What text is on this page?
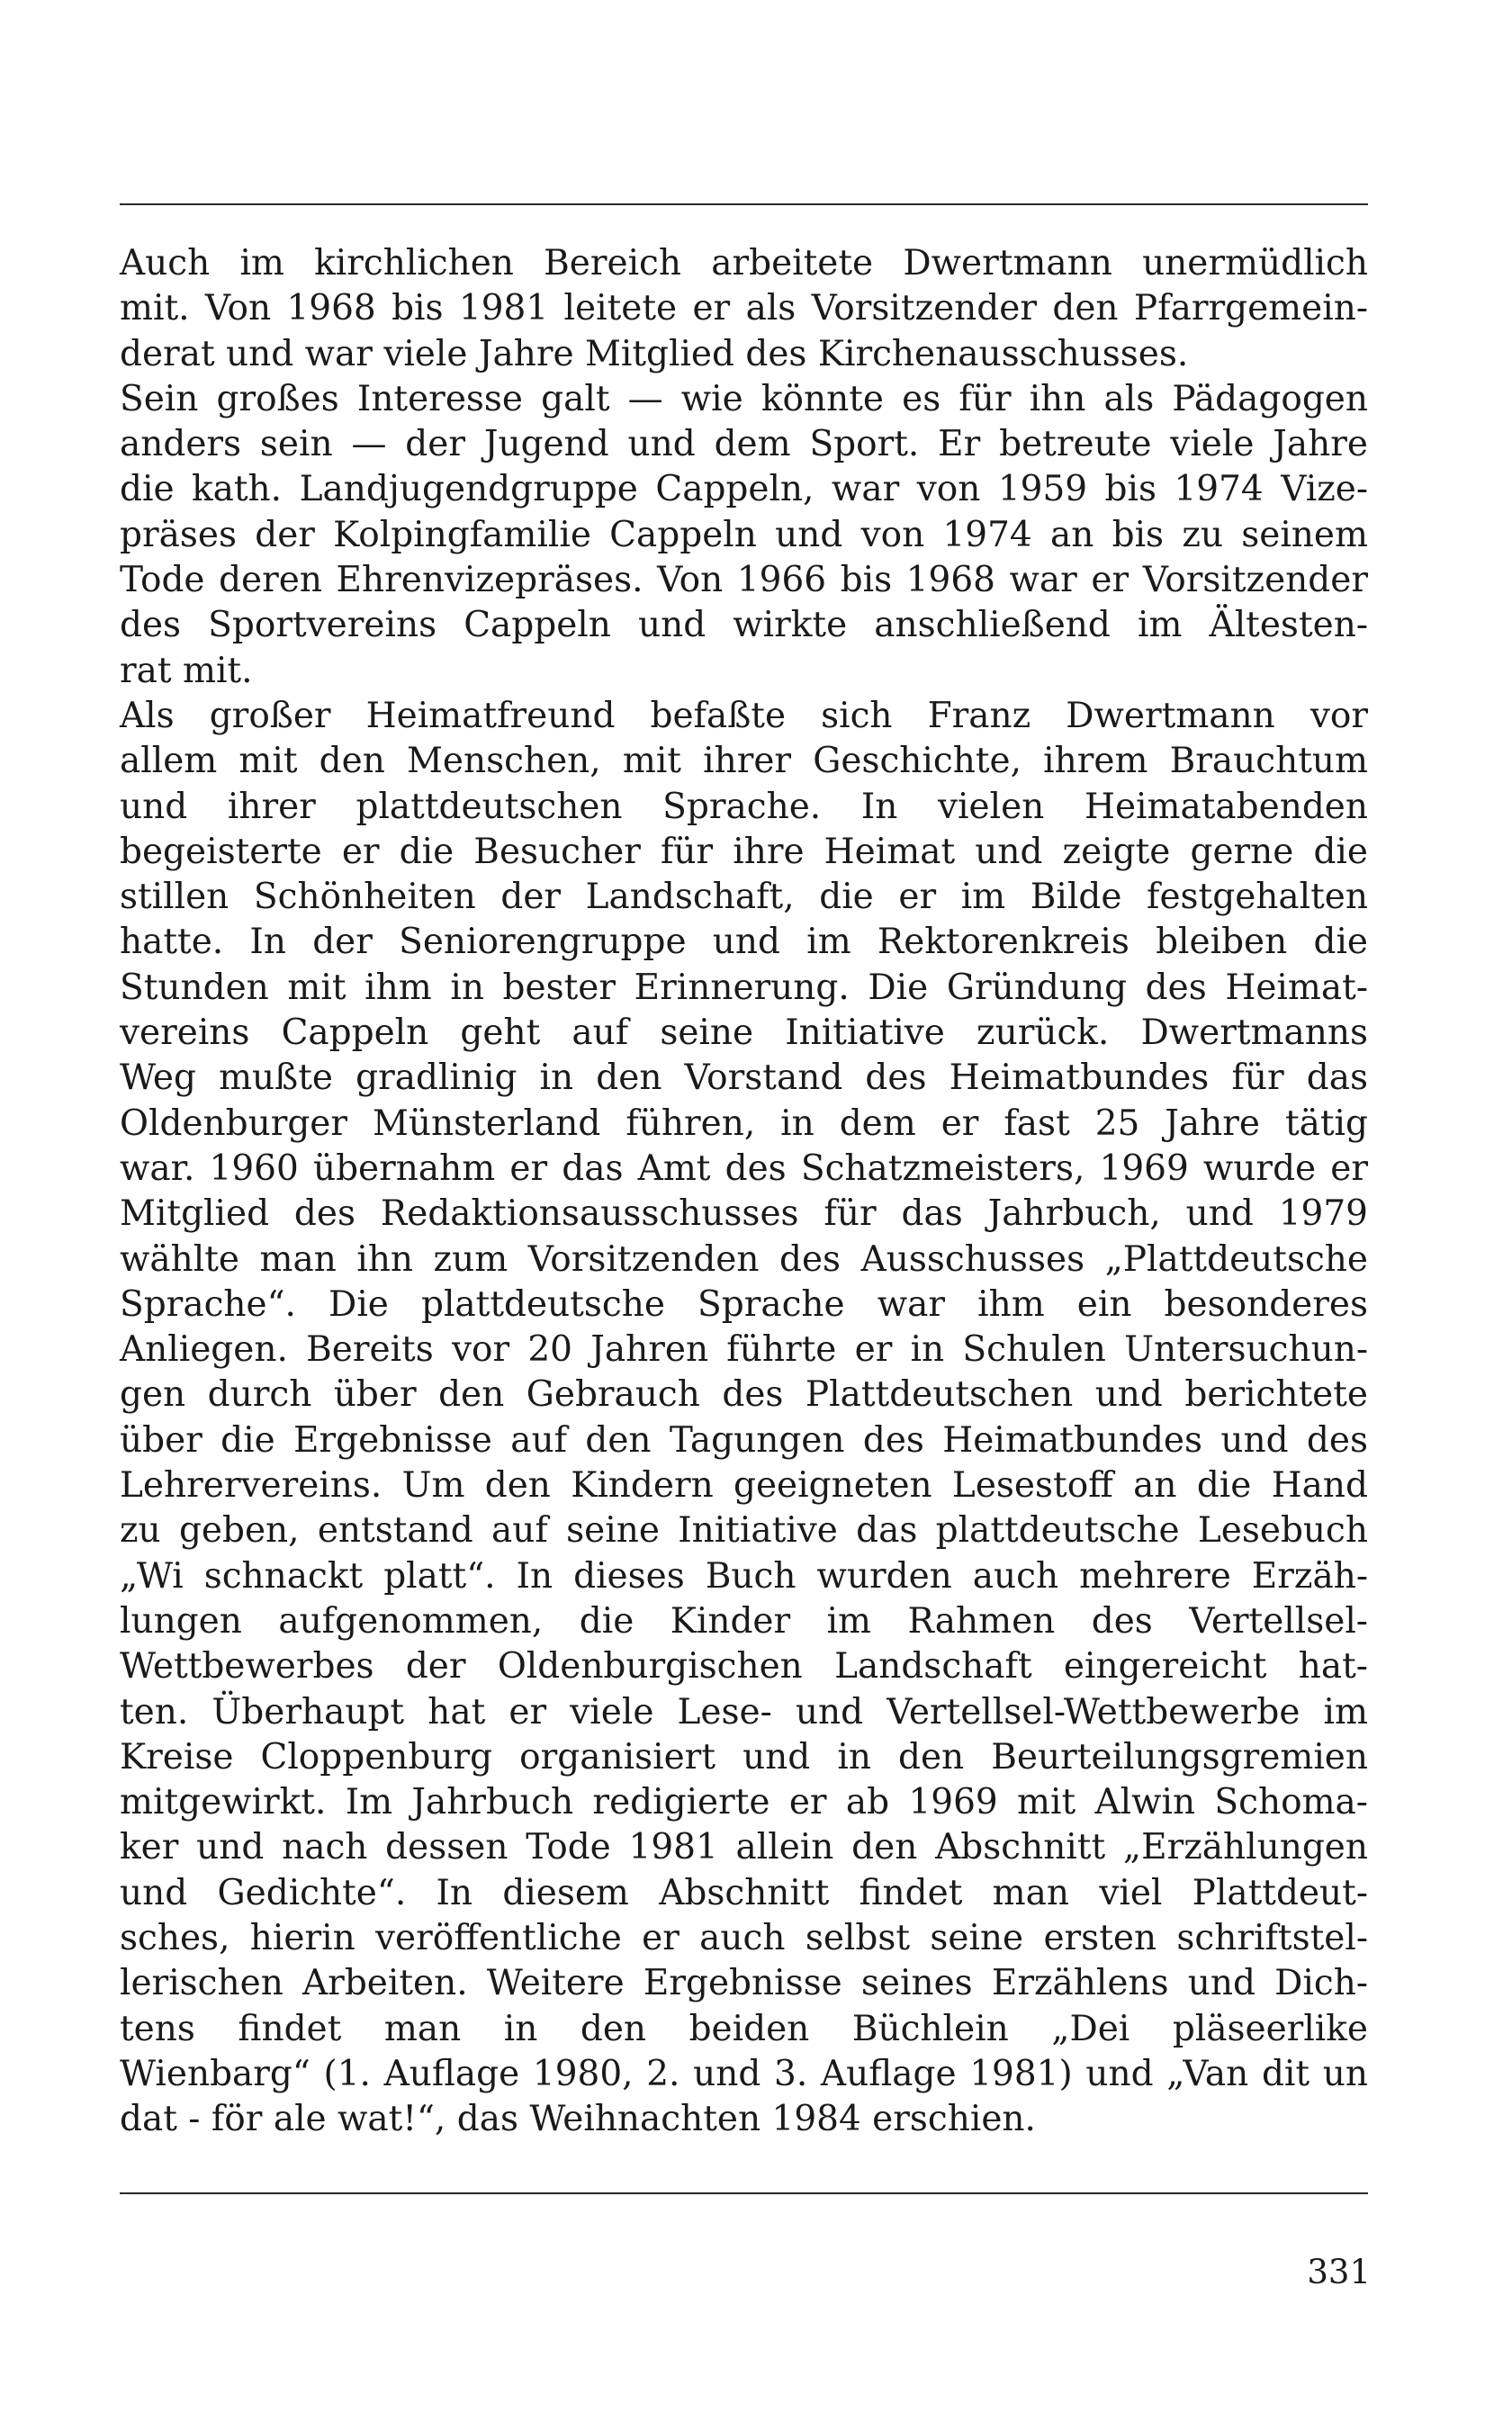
Auch im kirchlichen Bereich arbeitete Dwertmann unermüdlich
mit. Von 1968 bis 1981 leitete er als Vorsitzender den Pfarrgemein-
derat und war viele Jahre Mitglied des Kirchenausschusses.
Sein großes Interesse galt — wie könnte es für ihn als Pädagogen
anders sein — der Jugend und dem Sport. Er betreute viele Jahre
die kath. Landjugendgruppe Cappeln, war von 1959 bis 1974 Vize-
präses der Kolpingfamilie Cappeln und von 1974 an bis zu seinem
Tode deren Ehrenvizepräses. Von 1966 bis 1968 war er Vorsitzender
des Sportvereins Cappeln und wirkte anschließend im Ältesten-
rat mit.
Als großer Heimatfreund befaßte sich Franz Dwertmann vor
allem mit den Menschen, mit ihrer Geschichte, ihrem Brauchtum
und ihrer plattdeutschen Sprache. In vielen Heimatabenden
begeisterte er die Besucher für ihre Heimat und zeigte gerne die
stillen Schönheiten der Landschaft, die er im Bilde festgehalten
hatte. In der Seniorengruppe und im Rektorenkreis bleiben die
Stunden mit ihm in bester Erinnerung. Die Gründung des Heimat-
vereins Cappeln geht auf seine Initiative zurück. Dwertmanns
Weg mußte gradlinig in den Vorstand des Heimatbundes für das
Oldenburger Münsterland führen, in dem er fast 25 Jahre tätig
war. 1960 übernahm er das Amt des Schatzmeisters, 1969 wurde er
Mitglied des Redaktionsausschusses für das Jahrbuch, und 1979
wählte man ihn zum Vorsitzenden des Ausschusses „Plattdeutsche
Sprache“. Die plattdeutsche Sprache war ihm ein besonderes
Anliegen. Bereits vor 20 Jahren führte er in Schulen Untersuchun-
gen durch über den Gebrauch des Plattdeutschen und berichtete
über die Ergebnisse auf den Tagungen des Heimatbundes und des
Lehrervereins. Um den Kindern geeigneten Lesestoff an die Hand
zu geben, entstand auf seine Initiative das plattdeutsche Lesebuch
„Wi schnackt platt“. In dieses Buch wurden auch mehrere Erzäh-
lungen aufgenommen, die Kinder im Rahmen des Vertellsel-
Wettbewerbes der Oldenburgischen Landschaft eingereicht hat-
ten. Überhaupt hat er viele Lese- und Vertellsel-Wettbewerbe im
Kreise Cloppenburg organisiert und in den Beurteilungsgremien
mitgewirkt. Im Jahrbuch redigierte er ab 1969 mit Alwin Schoma-
ker und nach dessen Tode 1981 allein den Abschnitt „Erzählungen
und Gedichte“. In diesem Abschnitt findet man viel Plattdeut-
sches, hierin veröffentliche er auch selbst seine ersten schriftstel-
lerischen Arbeiten. Weitere Ergebnisse seines Erzählens und Dich-
tens findet man in den beiden Büchlein „Dei pläseerlike
Wienbarg“ (1. Auflage 1980, 2. und 3. Auflage 1981) und „Van dit un
dat - för ale wat!“, das Weihnachten 1984 erschien.
331
